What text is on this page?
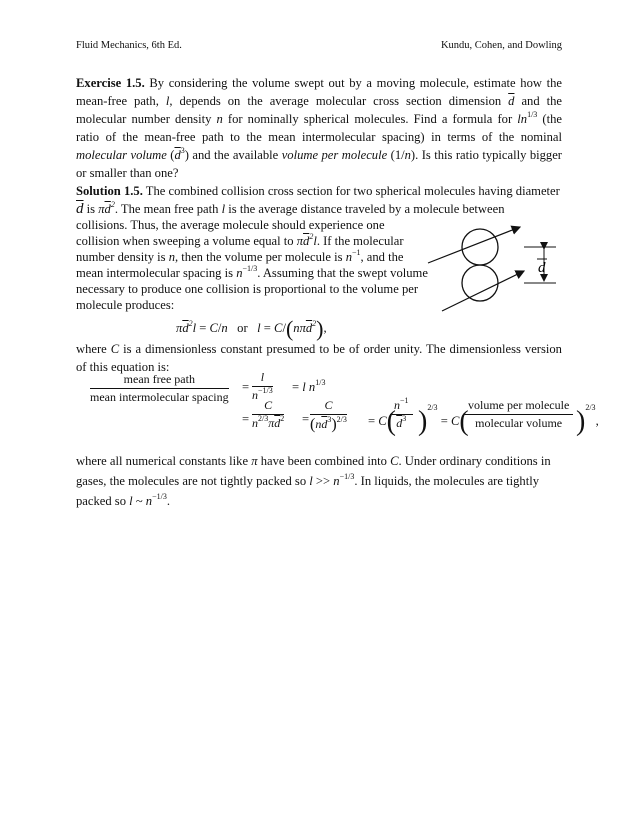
Fluid Mechanics, 6th Ed.	Kundu, Cohen, and Dowling
Exercise 1.5. By considering the volume swept out by a moving molecule, estimate how the mean-free path, l, depends on the average molecular cross section dimension $\overline{d}$ and the molecular number density n for nominally spherical molecules. Find a formula for $\ln^{1/3} (the$ ratio of the mean-free path to the mean intermolecular spacing) in terms of the nominal molecular volume $(\overline{d}^3)$ and the available volume per molecule (1/n). Is this ratio typically bigger or smaller than one?
Solution 1.5. The combined collision cross section for two spherical molecules having diameter
$\overline{d}$ is $\pi\overline{d}^2$. The mean free path l is the average distance traveled by a molecule between
collisions. Thus, the average molecule should experience one
collision when sweeping a volume equal to $\pi\overline{d}^2l$. If the molecular
number density is n, then the volume per molecule is $n^{-1}$, and the
mean intermolecular spacing is $n^{-1/3}$. Assuming that the swept volume
necessary to produce one collision is proportional to the volume per
molecule produces:
$\pi\overline{d}^2l = C/n$ or $l = C/(n\pi\overline{d}^2)$,
where C is a dimensionless constant presumed to be of order unity. The dimensionless version of this equation is:
mean free path
mean intermolecular spacing
= $\frac{l}{n^{-1/3}} = l$ $n^{1/3}$
= $\frac{C}{n^{2/3}\pi\overline{d}^2} = \frac{C}{(n\overline{d}^3)^{2/3}} = C$(
$\frac{n^{-1}}{\overline{d}^3} )^{2/3} = C$(
volume per molecule
molecular volume )$^{2/3}$,
where all numerical constants like π have been combined into C. Under ordinary conditions in
gases, the molecules are not tightly packed so $l >> n^{-1/3}$. In liquids, the molecules are tightly
packed so l ~ $n^{-1/3}$.
d
